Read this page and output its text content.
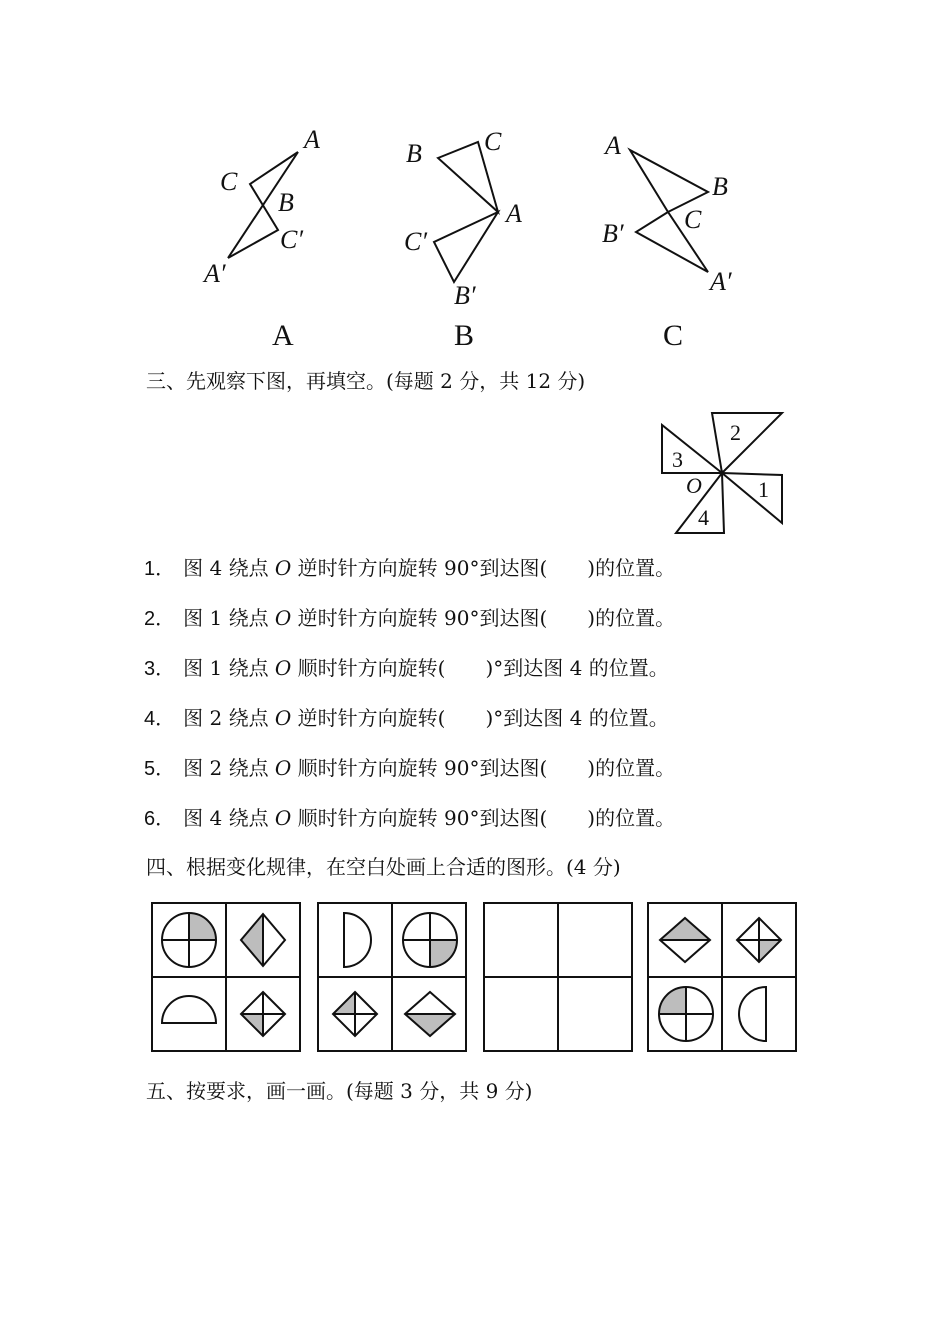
A
C
B
C′
A′
A
B C
A
C′
B′
B
A
B
C
B′
A′
C
三、先观察下图，再填空。(每题 2 分，共 12 分)
2
3
1
4
O
1． 图 4 绕点 O 逆时针方向旋转 90°到达图(　　)的位置。
2． 图 1 绕点 O 逆时针方向旋转 90°到达图(　　)的位置。
3． 图 1 绕点 O 顺时针方向旋转(　　)°到达图 4 的位置。
4． 图 2 绕点 O 逆时针方向旋转(　　)°到达图 4 的位置。
5． 图 2 绕点 O 顺时针方向旋转 90°到达图(　　)的位置。
6． 图 4 绕点 O 顺时针方向旋转 90°到达图(　　)的位置。
四、根据变化规律，在空白处画上合适的图形。(4 分)
五、按要求，画一画。(每题 3 分，共 9 分)
